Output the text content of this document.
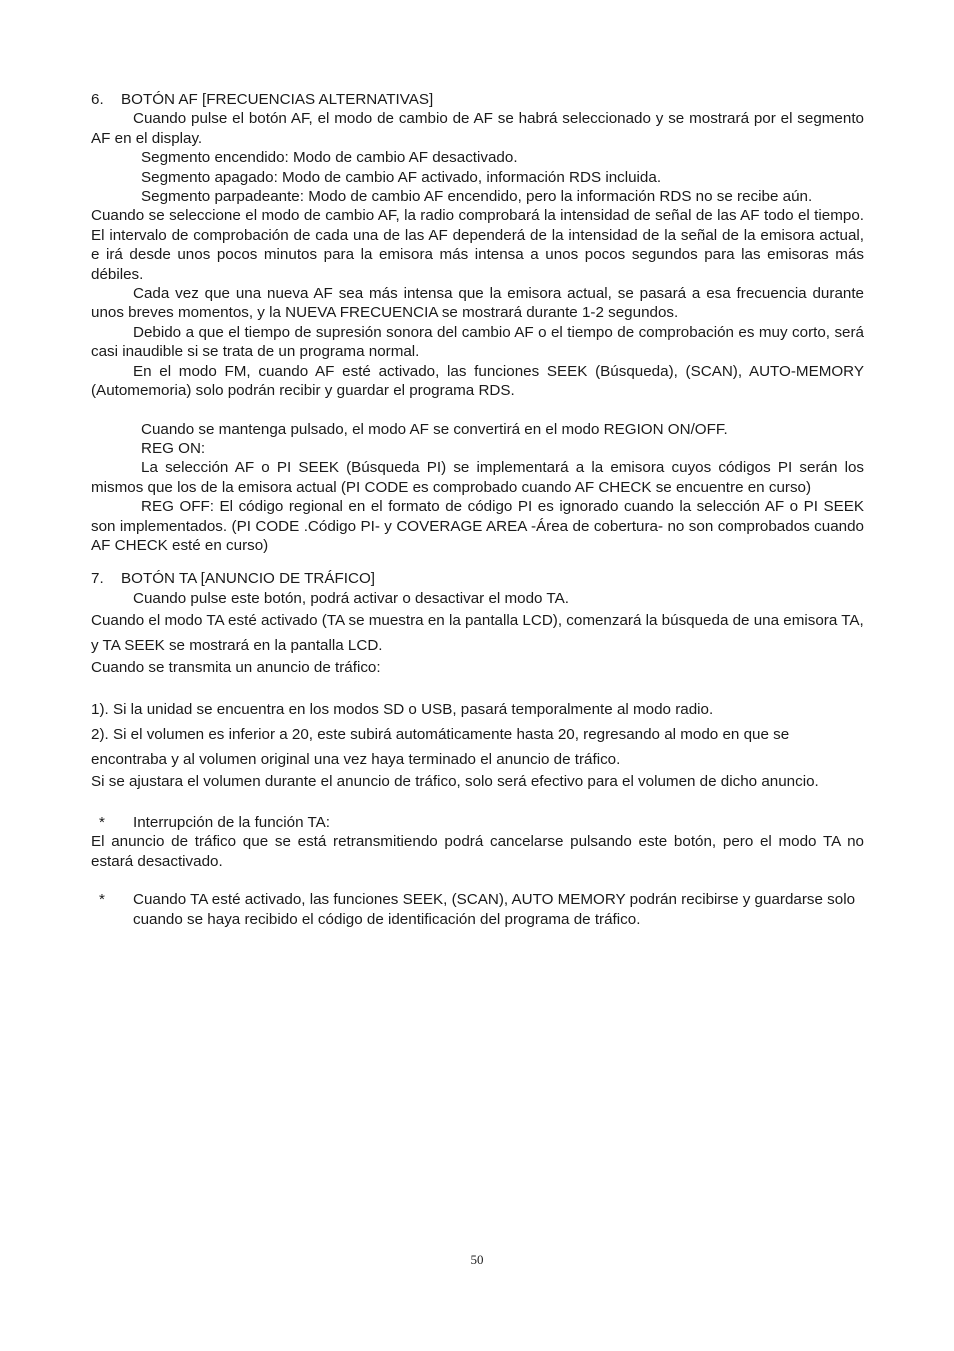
6. BOTÓN AF [FRECUENCIAS ALTERNATIVAS]

Cuando pulse el botón AF, el modo de cambio de AF se habrá seleccionado y se mostrará por el segmento AF en el display.

Segmento encendido: Modo de cambio AF desactivado.

Segmento apagado: Modo de cambio AF activado, información RDS incluida.

Segmento parpadeante: Modo de cambio AF encendido, pero la información RDS no se recibe aún.

Cuando se seleccione el modo de cambio AF, la radio comprobará la intensidad de señal de las AF todo el tiempo. El intervalo de comprobación de cada una de las AF dependerá de la intensidad de la señal de la emisora actual, e irá desde unos pocos minutos para la emisora más intensa a unos pocos segundos para las emisoras más débiles.

Cada vez que una nueva AF sea más intensa que la emisora actual, se pasará a esa frecuencia durante unos breves momentos, y la NUEVA FRECUENCIA se mostrará durante 1-2 segundos.

Debido a que el tiempo de supresión sonora del cambio AF o el tiempo de comprobación es muy corto, será casi inaudible si se trata de un programa normal.

En el modo FM, cuando AF esté activado, las funciones SEEK (Búsqueda), (SCAN), AUTO-MEMORY (Automemoria) solo podrán recibir y guardar el programa RDS.

Cuando se mantenga pulsado, el modo AF se convertirá en el modo REGION ON/OFF.

REG ON:

La selección AF o PI SEEK (Búsqueda PI) se implementará a la emisora cuyos códigos PI serán los mismos que los de la emisora actual (PI CODE es comprobado cuando AF CHECK se encuentre en curso)

REG OFF: El código regional en el formato de código PI es ignorado cuando la selección AF o PI SEEK son implementados. (PI CODE .Código PI- y COVERAGE AREA -Área de cobertura- no son comprobados cuando AF CHECK esté en curso)

7. BOTÓN TA [ANUNCIO DE TRÁFICO]

Cuando pulse este botón, podrá activar o desactivar el modo TA.

Cuando el modo TA esté activado (TA se muestra en la pantalla LCD), comenzará la búsqueda de una emisora TA, y TA SEEK se mostrará en la pantalla LCD.

Cuando se transmita un anuncio de tráfico:

1). Si la unidad se encuentra en los modos SD o USB, pasará temporalmente al modo radio.

2). Si el volumen es inferior a 20, este subirá automáticamente hasta 20, regresando al modo en que se encontraba y al volumen original una vez haya terminado el anuncio de tráfico.

Si se ajustara el volumen durante el anuncio de tráfico, solo será efectivo para el volumen de dicho anuncio.

* Interrupción de la función TA:

El anuncio de tráfico que se está retransmitiendo podrá cancelarse pulsando este botón, pero el modo TA no estará desactivado.

* Cuando TA esté activado, las funciones SEEK, (SCAN), AUTO MEMORY podrán recibirse y guardarse solo cuando se haya recibido el código de identificación del programa de tráfico.

50
